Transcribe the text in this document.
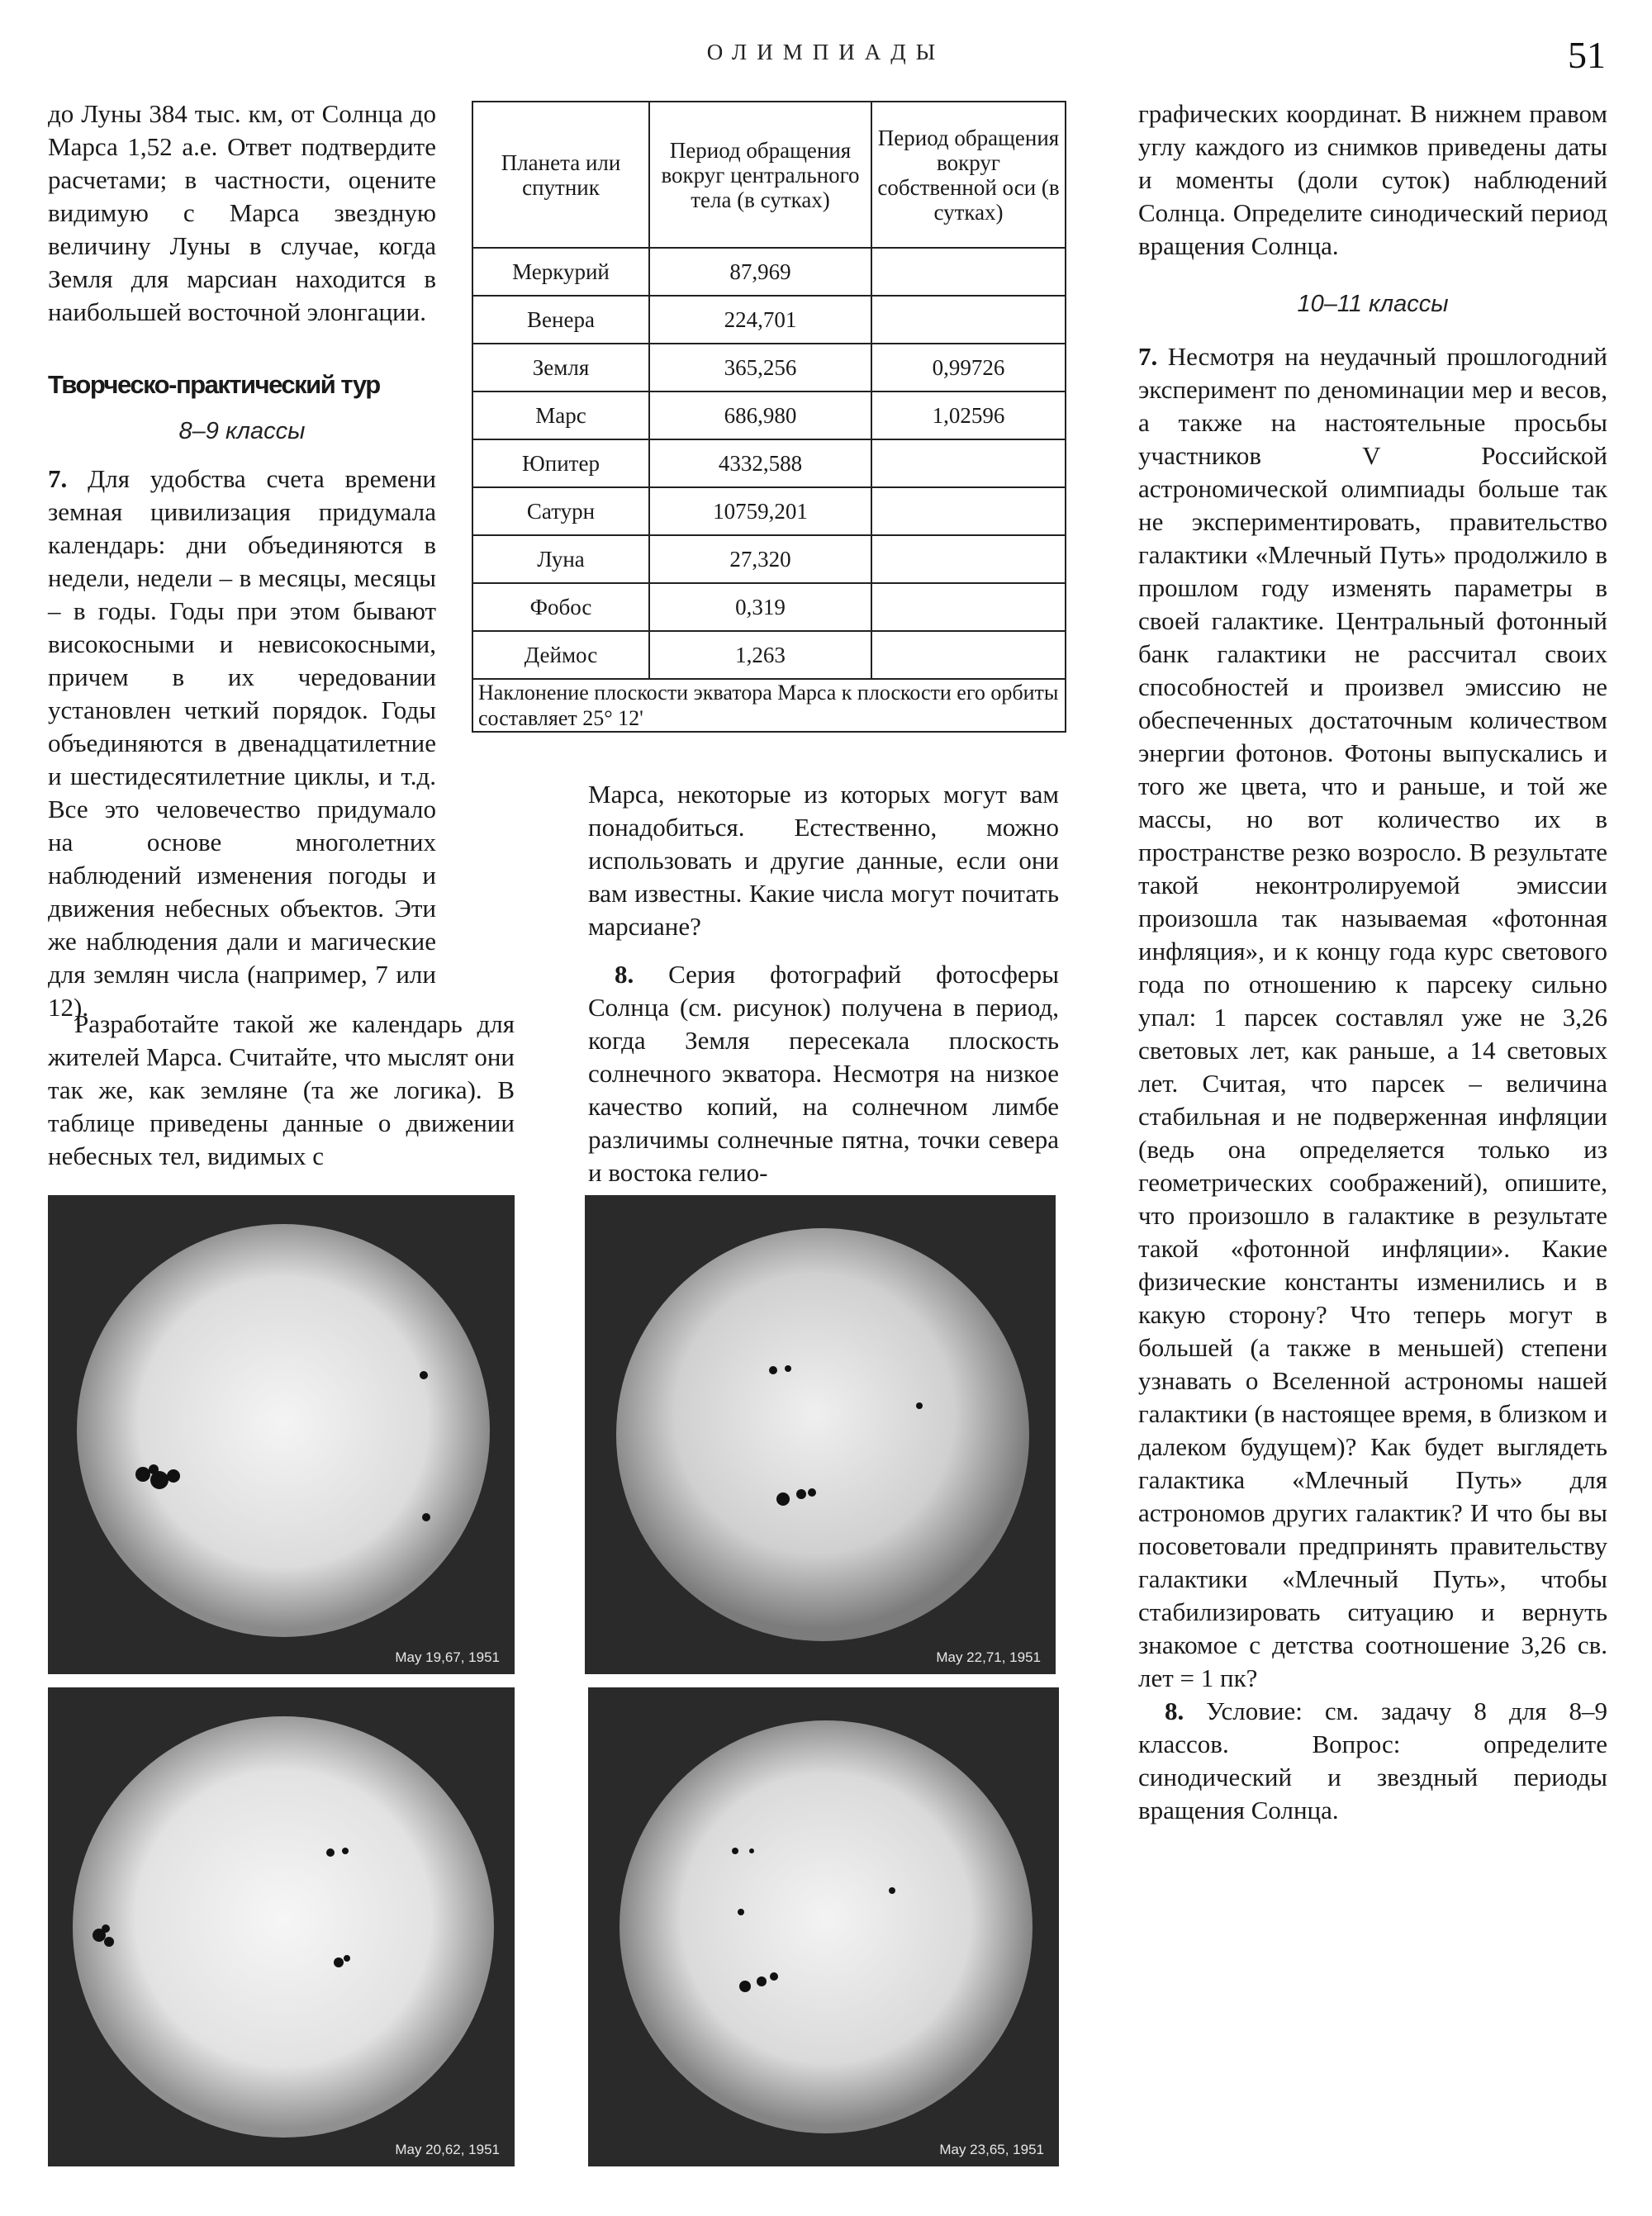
ОЛИМПИАДЫ	51

до Луны 384 тыс. км, от Солнца до Марса 1,52 а.е. Ответ подтвердите расчетами; в частности, оцените видимую с Марса звездную величину Луны в случае, когда Земля для марсиан находится в наибольшей восточной элонгации.

Творческо-практический тур
8–9 классы

7. Для удобства счета времени земная цивилизация придумала календарь: дни объединяются в недели, недели – в месяцы, месяцы – в годы. Годы при этом бывают високосными и невисокосными, причем в их чередовании установлен четкий порядок. Годы объединяются в двенадцатилетние и шестидесятилетние циклы, и т.д. Все это человечество придумало на основе многолетних наблюдений изменения погоды и движения небесных объектов. Эти же наблюдения дали и магические для землян числа (например, 7 или 12).

Разработайте такой же календарь для жителей Марса. Считайте, что мыслят они так же, как земляне (та же логика). В таблице приведены данные о движении небесных тел, видимых с

Планета или спутник	Период обращения вокруг центрального тела (в сутках)	Период обращения вокруг собственной оси (в сутках)
Меркурий	87,969	
Венера	224,701	
Земля	365,256	0,99726
Марс	686,980	1,02596
Юпитер	4332,588	
Сатурн	10759,201	
Луна	27,320	
Фобос	0,319	
Деймос	1,263	
Наклонение плоскости экватора Марса к плоскости его орбиты составляет 25° 12'		

Марса, некоторые из которых могут вам понадобиться. Естественно, можно использовать и другие данные, если они вам известны. Какие числа могут почитать марсиане?

8. Серия фотографий фотосферы Солнца (см. рисунок) получена в период, когда Земля пересекала плоскость солнечного экватора. Несмотря на низкое качество копий, на солнечном лимбе различимы солнечные пятна, точки севера и востока гелио-

графических координат. В нижнем правом углу каждого из снимков приведены даты и моменты (доли суток) наблюдений Солнца. Определите синодический период вращения Солнца.

10–11 классы

7. Несмотря на неудачный прошлогодний эксперимент по деноминации мер и весов, а также на настоятельные просьбы участников V Российской астрономической олимпиады больше так не экспериментировать, правительство галактики «Млечный Путь» продолжило в прошлом году изменять параметры в своей галактике. Центральный фотонный банк галактики не рассчитал своих способностей и произвел эмиссию не обеспеченных достаточным количеством энергии фотонов. Фотоны выпускались и того же цвета, что и раньше, и той же массы, но вот количество их в пространстве резко возросло. В результате такой неконтролируемой эмиссии произошла так называемая «фотонная инфляция», и к концу года курс светового года по отношению к парсеку сильно упал: 1 парсек составлял уже не 3,26 световых лет, как раньше, а 14 световых лет. Считая, что парсек – величина стабильная и не подверженная инфляции (ведь она определяется только из геометрических соображений), опишите, что произошло в галактике в результате такой «фотонной инфляции». Какие физические константы изменились и в какую сторону? Что теперь могут в большей (а также в меньшей) степени узнавать о Вселенной астрономы нашей галактики (в настоящее время, в близком и далеком будущем)? Как будет выглядеть галактика «Млечный Путь» для астрономов других галактик? И что бы вы посоветовали предпринять правительству галактики «Млечный Путь», чтобы стабилизировать ситуацию и вернуть знакомое с детства соотношение 3,26 св. лет = 1 пк?

8. Условие: см. задачу 8 для 8–9 классов. Вопрос: определите синодический и звездный периоды вращения Солнца.

May 19,67, 1951	May 22,71, 1951
May 20,62, 1951	May 23,65, 1951
